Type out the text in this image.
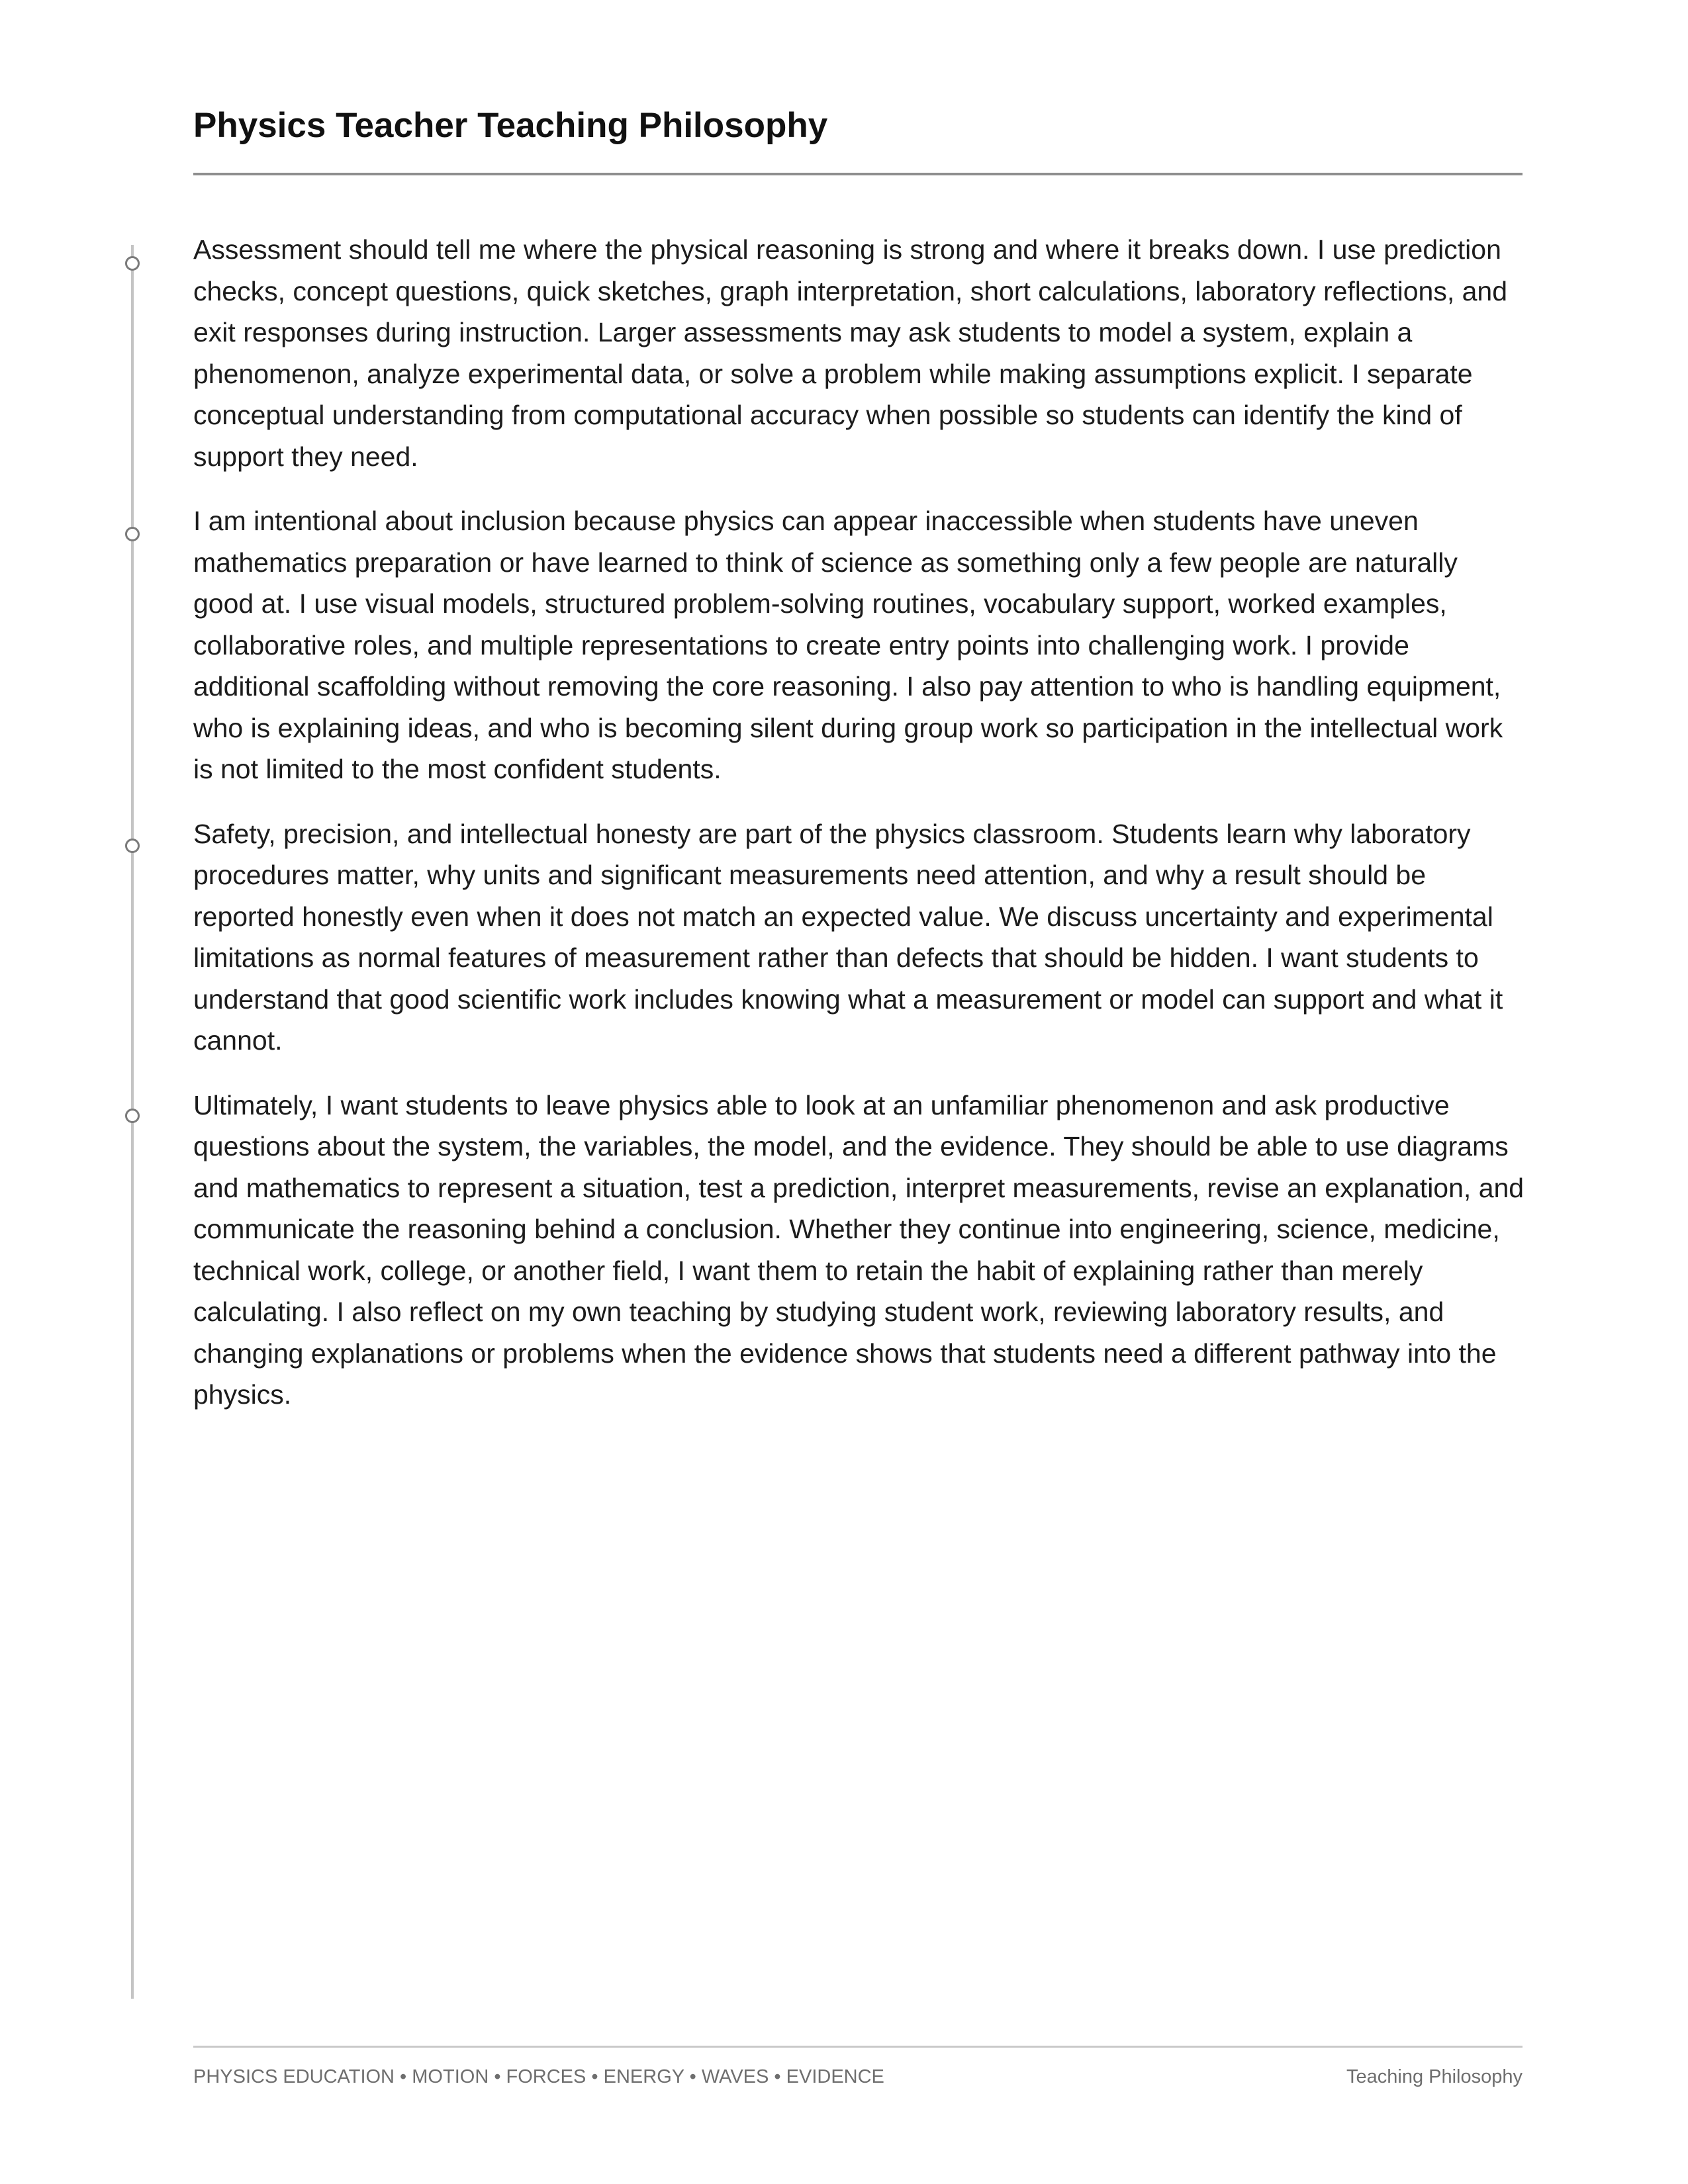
Physics Teacher Teaching Philosophy

Assessment should tell me where the physical reasoning is strong and where it breaks down. I use prediction checks, concept questions, quick sketches, graph interpretation, short calculations, laboratory reflections, and exit responses during instruction. Larger assessments may ask students to model a system, explain a phenomenon, analyze experimental data, or solve a problem while making assumptions explicit. I separate conceptual understanding from computational accuracy when possible so students can identify the kind of support they need.

I am intentional about inclusion because physics can appear inaccessible when students have uneven mathematics preparation or have learned to think of science as something only a few people are naturally good at. I use visual models, structured problem-solving routines, vocabulary support, worked examples, collaborative roles, and multiple representations to create entry points into challenging work. I provide additional scaffolding without removing the core reasoning. I also pay attention to who is handling equipment, who is explaining ideas, and who is becoming silent during group work so participation in the intellectual work is not limited to the most confident students.

Safety, precision, and intellectual honesty are part of the physics classroom. Students learn why laboratory procedures matter, why units and significant measurements need attention, and why a result should be reported honestly even when it does not match an expected value. We discuss uncertainty and experimental limitations as normal features of measurement rather than defects that should be hidden. I want students to understand that good scientific work includes knowing what a measurement or model can support and what it cannot.

Ultimately, I want students to leave physics able to look at an unfamiliar phenomenon and ask productive questions about the system, the variables, the model, and the evidence. They should be able to use diagrams and mathematics to represent a situation, test a prediction, interpret measurements, revise an explanation, and communicate the reasoning behind a conclusion. Whether they continue into engineering, science, medicine, technical work, college, or another field, I want them to retain the habit of explaining rather than merely calculating. I also reflect on my own teaching by studying student work, reviewing laboratory results, and changing explanations or problems when the evidence shows that students need a different pathway into the physics.

PHYSICS EDUCATION • MOTION • FORCES • ENERGY • WAVES • EVIDENCE	Teaching Philosophy
